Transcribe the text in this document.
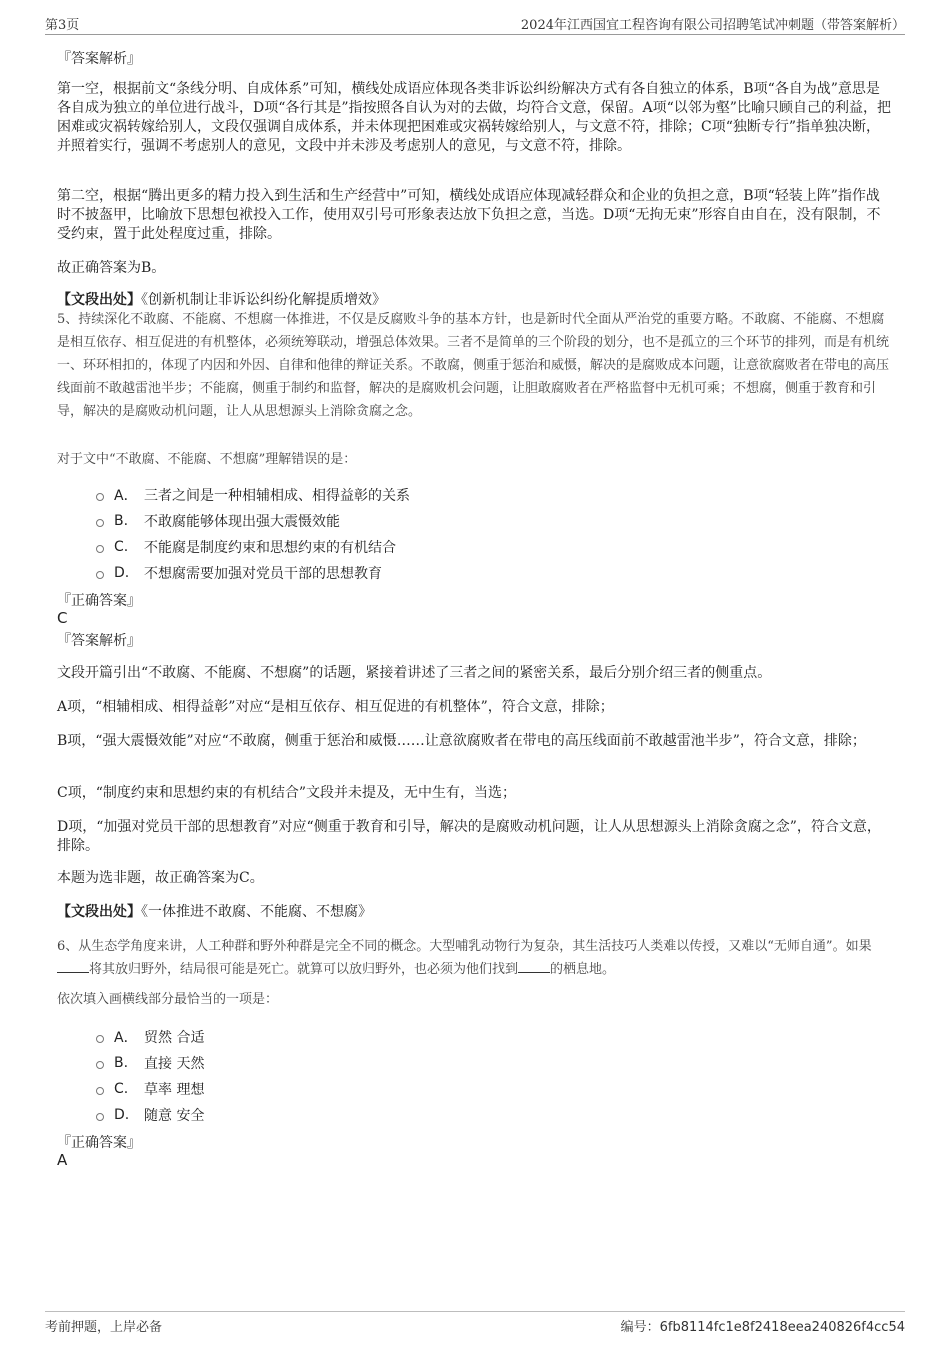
第3页	2024年江西国宜工程咨询有限公司招聘笔试冲刺题（带答案解析）
『答案解析』
第一空，根据前文“条线分明、自成体系”可知，横线处成语应体现各类非诉讼纠纷解决方式有各自独立的体系，B项“各自为战”意思是各自成为独立的单位进行战斗，D项“各行其是”指按照各自认为对的去做，均符合文意，保留。A项“以邻为壑”比喻只顾自己的利益，把困难或灾祸转嫁给别人，文段仅强调自成体系，并未体现把困难或灾祸转嫁给别人，与文意不符，排除；C项“独断专行”指单独决断，并照着实行，强调不考虑别人的意见，文段中并未涉及考虑别人的意见，与文意不符，排除。
第二空，根据“腾出更多的精力投入到生活和生产经营中”可知，横线处成语应体现减轻群众和企业的负担之意，B项“轻装上阵”指作战时不披盔甲，比喻放下思想包袱投入工作，使用双引号可形象表达放下负担之意，当选。D项“无拘无束”形容自由自在，没有限制，不受约束，置于此处程度过重，排除。
故正确答案为B。
【文段出处】《创新机制让非诉讼纠纷化解提质增效》
5、持续深化不敢腐、不能腐、不想腐一体推进，不仅是反腐败斗争的基本方针，也是新时代全面从严治党的重要方略。不敢腐、不能腐、不想腐是相互依存、相互促进的有机整体，必须统筹联动，增强总体效果。三者不是简单的三个阶段的划分，也不是孤立的三个环节的排列，而是有机统一、环环相扣的，体现了内因和外因、自律和他律的辩证关系。不敢腐，侧重于惩治和威慑，解决的是腐败成本问题，让意欲腐败者在带电的高压线面前不敢越雷池半步；不能腐，侧重于制约和监督，解决的是腐败机会问题，让胆敢腐败者在严格监督中无机可乘；不想腐，侧重于教育和引导，解决的是腐败动机问题，让人从思想源头上消除贪腐之念。
对于文中“不敢腐、不能腐、不想腐”理解错误的是：
A． 三者之间是一种相辅相成、相得益彰的关系
B.	不敢腐能够体现出强大震慑效能
C.	不能腐是制度约束和思想约束的有机结合
D.	不想腐需要加强对党员干部的思想教育
『正确答案』
C
『答案解析』
文段开篇引出“不敢腐、不能腐、不想腐”的话题，紧接着讲述了三者之间的紧密关系，最后分别介绍三者的侧重点。
A项，“相辅相成、相得益彰”对应“是相互依存、相互促进的有机整体”，符合文意，排除；
B项，“强大震慑效能”对应“不敢腐，侧重于惩治和威慑……让意欲腐败者在带电的高压线面前不敢越雷池半步”，符合文意，排除；
C项，“制度约束和思想约束的有机结合”文段并未提及，无中生有，当选；
D项，“加强对党员干部的思想教育”对应“侧重于教育和引导，解决的是腐败动机问题，让人从思想源头上消除贪腐之念”，符合文意，排除。
本题为选非题，故正确答案为C。
【文段出处】《一体推进不敢腐、不能腐、不想腐》
6、从生态学角度来讲，人工种群和野外种群是完全不同的概念。大型哺乳动物行为复杂，其生活技巧人类难以传授，又难以“无师自通”。如果将其放归野外，结局很可能是死亡。就算可以放归野外，也必须为他们找到 的栖息地。
依次填入画横线部分最恰当的一项是：
A． 贸然 合适
B.	直接 天然
C.	草率 理想
D.	随意 安全
『正确答案』
A
考前押题，上岸必备	编号：6fb8114fc1e8f2418eea240826f4cc54
